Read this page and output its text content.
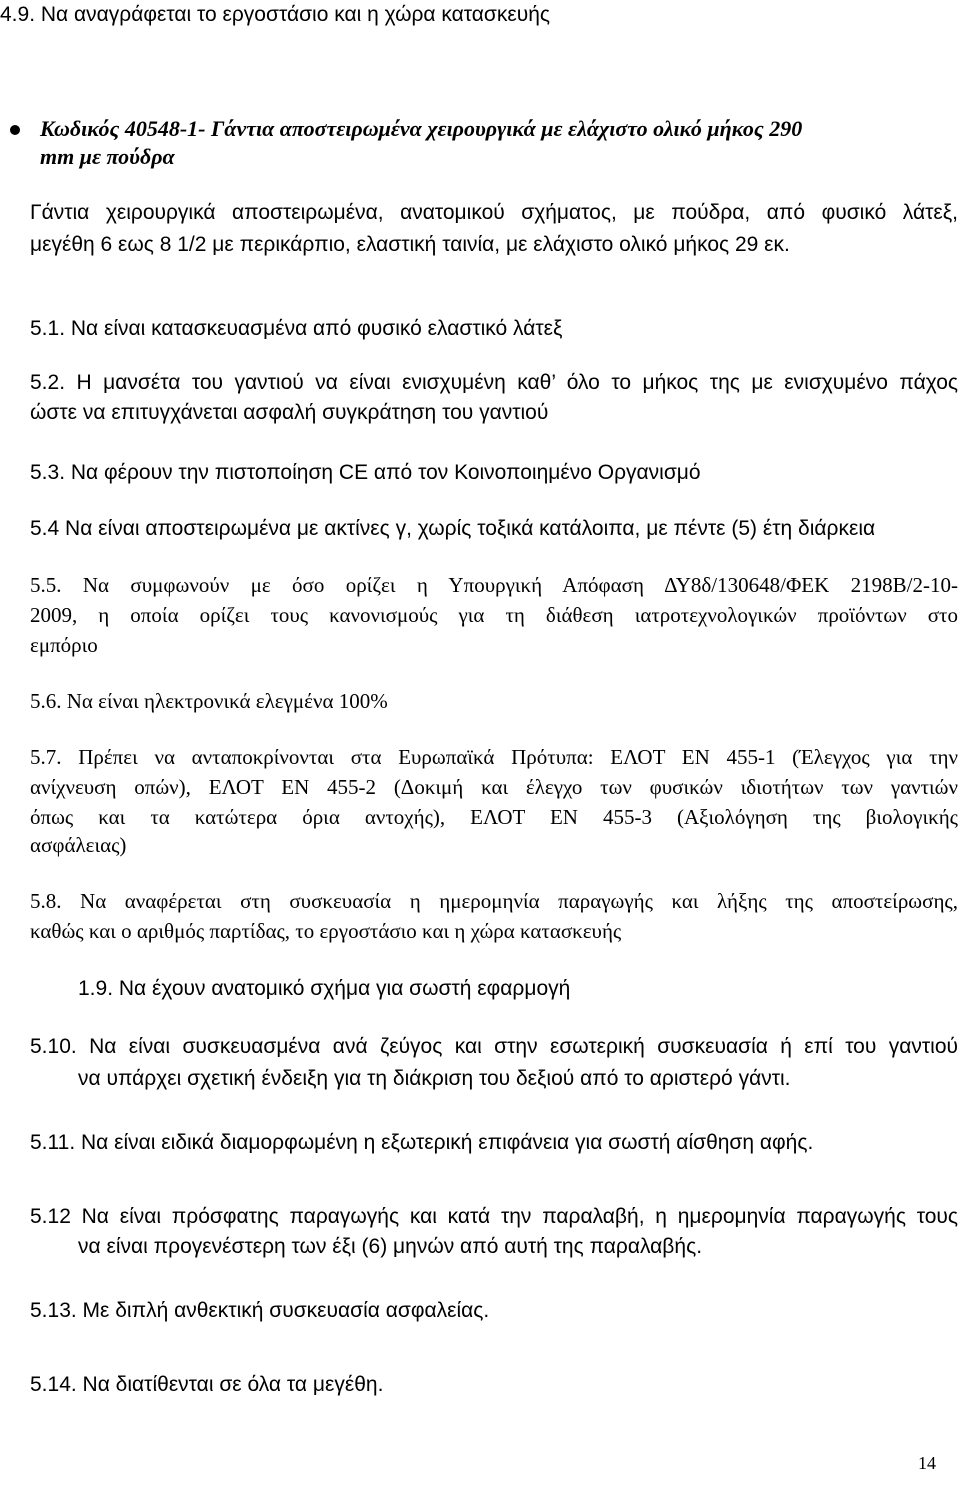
4.9. Να αναγράφεται το εργοστάσιο και η χώρα κατασκευής
Κωδικός 40548-1- Γάντια αποστειρωμένα χειρουργικά με ελάχιστο ολικό μήκος 290
mm με πούδρα
Γάντια χειρουργικά αποστειρωμένα, ανατομικού σχήματος, με πούδρα, από φυσικό λάτεξ,
μεγέθη 6 εως 8 1/2 με περικάρπιο, ελαστική ταινία, με ελάχιστο ολικό μήκος 29 εκ.
5.1. Να είναι κατασκευασμένα από φυσικό ελαστικό λάτεξ
5.2. Η μανσέτα του γαντιού να είναι ενισχυμένη καθ’ όλο το μήκος της με ενισχυμένο πάχος
ώστε να επιτυγχάνεται ασφαλή συγκράτηση του γαντιού
5.3. Να φέρουν την πιστοποίηση CE από τον Κοινοποιημένο Οργανισμό
5.4 Να είναι αποστειρωμένα με ακτίνες γ, χωρίς τοξικά κατάλοιπα, με πέντε (5) έτη διάρκεια
5.5. Να συμφωνούν με όσο ορίζει η Υπουργική Απόφαση ΔΥ8δ/130648/ΦΕΚ 2198Β/2-10-
2009, η οποία ορίζει τους κανονισμούς για τη διάθεση ιατροτεχνολογικών προϊόντων στο
εμπόριο
5.6. Να είναι ηλεκτρονικά ελεγμένα 100%
5.7. Πρέπει να ανταποκρίνονται στα Ευρωπαϊκά Πρότυπα: ΕΛΟΤ ΕΝ 455-1 (Έλεγχος για την
ανίχνευση οπών), ΕΛΟΤ ΕΝ 455-2 (Δοκιμή και έλεγχο των φυσικών ιδιοτήτων των γαντιών
όπως και τα κατώτερα όρια αντοχής), ΕΛΟΤ ΕΝ 455-3 (Αξιολόγηση της βιολογικής
ασφάλειας)
5.8. Να αναφέρεται στη συσκευασία η ημερομηνία παραγωγής και λήξης της αποστείρωσης,
καθώς και ο αριθμός παρτίδας, το εργοστάσιο και η χώρα κατασκευής
1.9. Να έχουν ανατομικό σχήμα για σωστή εφαρμογή
5.10. Να είναι συσκευασμένα ανά ζεύγος και στην εσωτερική συσκευασία ή επί του γαντιού
να υπάρχει σχετική ένδειξη για τη διάκριση του δεξιού από το αριστερό γάντι.
5.11. Να είναι ειδικά διαμορφωμένη η εξωτερική επιφάνεια για σωστή αίσθηση αφής.
5.12 Να είναι πρόσφατης παραγωγής και κατά την παραλαβή, η ημερομηνία παραγωγής τους
να είναι προγενέστερη των έξι (6) μηνών από αυτή της παραλαβής.
5.13. Με διπλή ανθεκτική συσκευασία ασφαλείας.
5.14. Να διατίθενται σε όλα τα μεγέθη.
14
